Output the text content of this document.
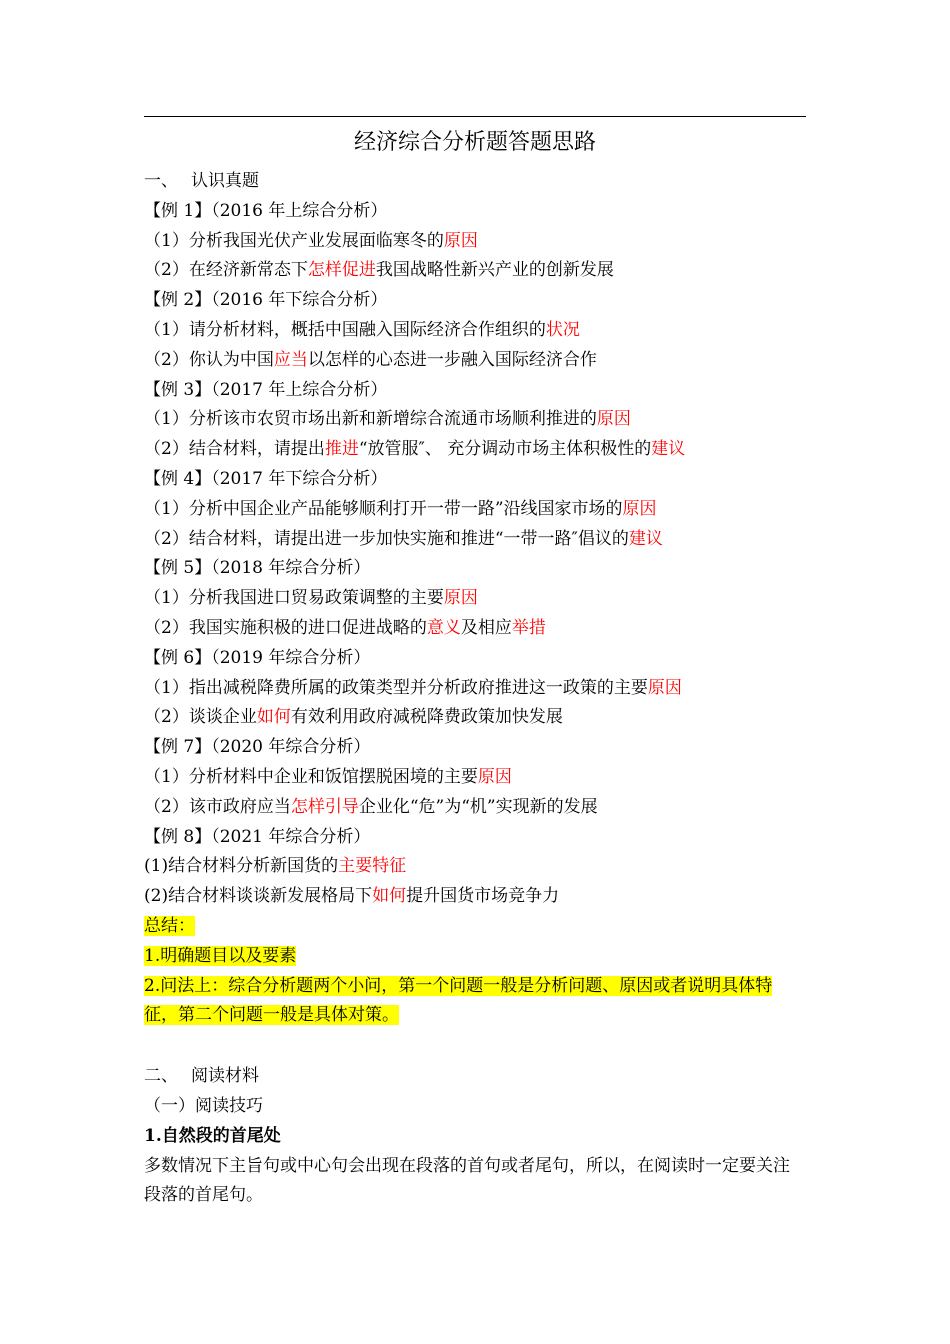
经济综合分析题答题思路
一、 认识真题
【例 1】（2016 年上综合分析）
（1）分析我国光伏产业发展面临寒冬的原因
（2）在经济新常态下怎样促进我国战略性新兴产业的创新发展
【例 2】（2016 年下综合分析）
（1）请分析材料，概括中国融入国际经济合作组织的状况
（2）你认为中国应当以怎样的心态进一步融入国际经济合作
【例 3】（2017 年上综合分析）
（1）分析该市农贸市场出新和新增综合流通市场顺利推进的原因
（2）结合材料，请提出推进“放管服″、 充分调动市场主体积极性的建议
【例 4】（2017 年下综合分析）
（1）分析中国企业产品能够顺利打开一带一路”沿线国家市场的原因
（2）结合材料，请提出进一步加快实施和推进“一带一路″倡议的建议
【例 5】（2018 年综合分析）
（1）分析我国进口贸易政策调整的主要原因
（2）我国实施积极的进口促进战略的意义及相应举措
【例 6】（2019 年综合分析）
（1）指出减税降费所属的政策类型并分析政府推进这一政策的主要原因
（2）谈谈企业如何有效利用政府减税降费政策加快发展
【例 7】（2020 年综合分析）
（1）分析材料中企业和饭馆摆脱困境的主要原因
（2）该市政府应当怎样引导企业化“危”为“机”实现新的发展
【例 8】（2021 年综合分析）
(1)结合材料分析新国货的主要特征
(2)结合材料谈谈新发展格局下如何提升国货市场竞争力
总结：
1.明确题目以及要素
2.问法上：综合分析题两个小问，第一个问题一般是分析问题、原因或者说明具体特征，第二个问题一般是具体对策。
二、 阅读材料
（一）阅读技巧
1.自然段的首尾处
多数情况下主旨句或中心句会出现在段落的首句或者尾句，所以，在阅读时一定要关注段落的首尾句。
